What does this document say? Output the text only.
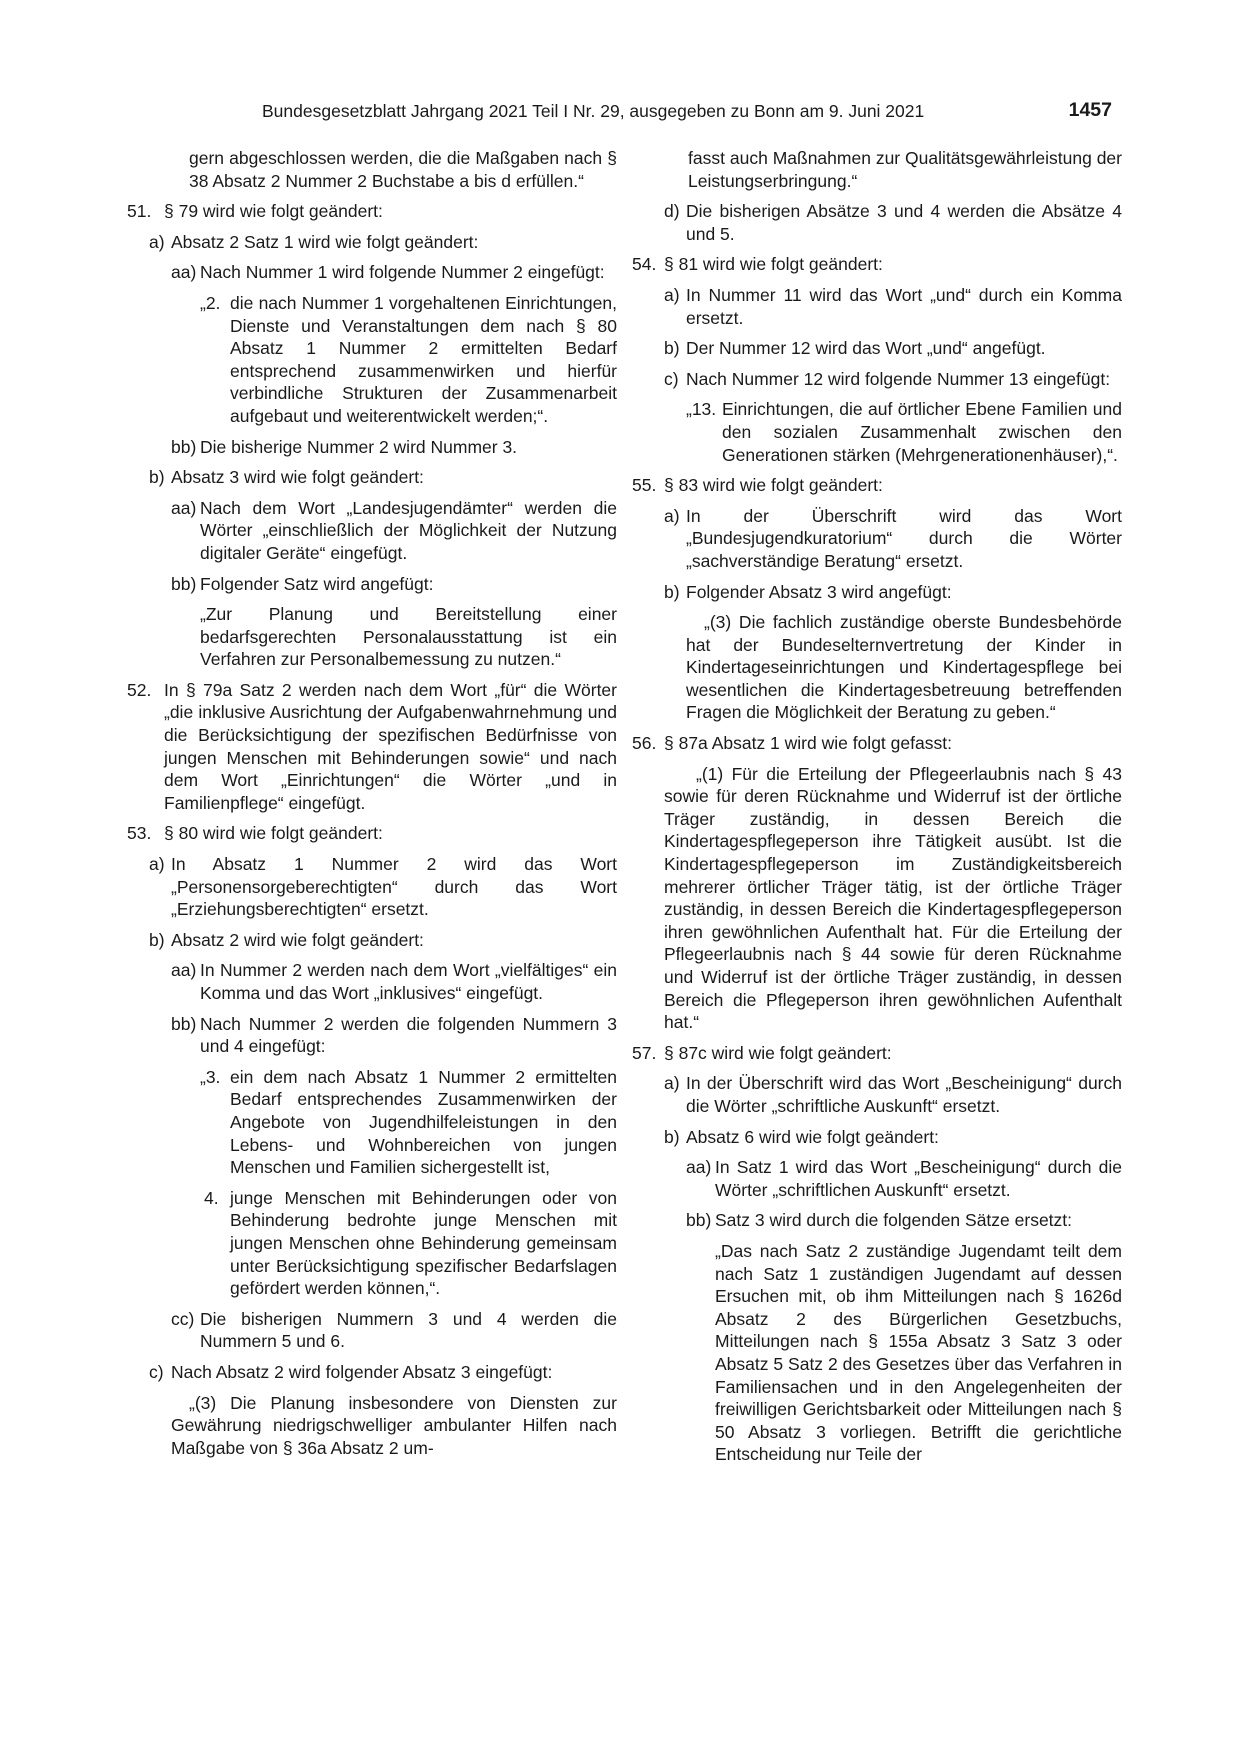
Bundesgesetzblatt Jahrgang 2021 Teil I Nr. 29, ausgegeben zu Bonn am 9. Juni 2021	1457
gern abgeschlossen werden, die die Maßgaben nach § 38 Absatz 2 Nummer 2 Buchstabe a bis d erfüllen.“
51. § 79 wird wie folgt geändert:
a) Absatz 2 Satz 1 wird wie folgt geändert:
aa) Nach Nummer 1 wird folgende Nummer 2 eingefügt:
„2. die nach Nummer 1 vorgehaltenen Einrichtungen, Dienste und Veranstaltungen dem nach § 80 Absatz 1 Nummer 2 ermittelten Bedarf entsprechend zusammenwirken und hierfür verbindliche Strukturen der Zusammenarbeit aufgebaut und weiterentwickelt werden;“.
bb) Die bisherige Nummer 2 wird Nummer 3.
b) Absatz 3 wird wie folgt geändert:
aa) Nach dem Wort „Landesjugendämter“ werden die Wörter „einschließlich der Möglichkeit der Nutzung digitaler Geräte“ eingefügt.
bb) Folgender Satz wird angefügt:
„Zur Planung und Bereitstellung einer bedarfsgerechten Personalausstattung ist ein Verfahren zur Personalbemessung zu nutzen.“
52. In § 79a Satz 2 werden nach dem Wort „für“ die Wörter „die inklusive Ausrichtung der Aufgabenwahrnehmung und die Berücksichtigung der spezifischen Bedürfnisse von jungen Menschen mit Behinderungen sowie“ und nach dem Wort „Einrichtungen“ die Wörter „und in Familienpflege“ eingefügt.
53. § 80 wird wie folgt geändert:
a) In Absatz 1 Nummer 2 wird das Wort „Personensorgeberechtigten“ durch das Wort „Erziehungsberechtigten“ ersetzt.
b) Absatz 2 wird wie folgt geändert:
aa) In Nummer 2 werden nach dem Wort „vielfältiges“ ein Komma und das Wort „inklusives“ eingefügt.
bb) Nach Nummer 2 werden die folgenden Nummern 3 und 4 eingefügt:
„3. ein dem nach Absatz 1 Nummer 2 ermittelten Bedarf entsprechendes Zusammenwirken der Angebote von Jugendhilfeleistungen in den Lebens- und Wohnbereichen von jungen Menschen und Familien sichergestellt ist,
4. junge Menschen mit Behinderungen oder von Behinderung bedrohte junge Menschen mit jungen Menschen ohne Behinderung gemeinsam unter Berücksichtigung spezifischer Bedarfslagen gefördert werden können,“.
cc) Die bisherigen Nummern 3 und 4 werden die Nummern 5 und 6.
c) Nach Absatz 2 wird folgender Absatz 3 eingefügt:
„(3) Die Planung insbesondere von Diensten zur Gewährung niedrigschwelliger ambulanter Hilfen nach Maßgabe von § 36a Absatz 2 um-
fasst auch Maßnahmen zur Qualitätsgewährleistung der Leistungserbringung.“
d) Die bisherigen Absätze 3 und 4 werden die Absätze 4 und 5.
54. § 81 wird wie folgt geändert:
a) In Nummer 11 wird das Wort „und“ durch ein Komma ersetzt.
b) Der Nummer 12 wird das Wort „und“ angefügt.
c) Nach Nummer 12 wird folgende Nummer 13 eingefügt:
„13. Einrichtungen, die auf örtlicher Ebene Familien und den sozialen Zusammenhalt zwischen den Generationen stärken (Mehrgenerationenhäuser),“.
55. § 83 wird wie folgt geändert:
a) In der Überschrift wird das Wort „Bundesjugendkuratorium“ durch die Wörter „sachverständige Beratung“ ersetzt.
b) Folgender Absatz 3 wird angefügt:
„(3) Die fachlich zuständige oberste Bundesbehörde hat der Bundeselternvertretung der Kinder in Kindertageseinrichtungen und Kindertagespflege bei wesentlichen die Kindertagesbetreuung betreffenden Fragen die Möglichkeit der Beratung zu geben.“
56. § 87a Absatz 1 wird wie folgt gefasst:
„(1) Für die Erteilung der Pflegeerlaubnis nach § 43 sowie für deren Rücknahme und Widerruf ist der örtliche Träger zuständig, in dessen Bereich die Kindertagespflegeperson ihre Tätigkeit ausübt. Ist die Kindertagespflegeperson im Zuständigkeitsbereich mehrerer örtlicher Träger tätig, ist der örtliche Träger zuständig, in dessen Bereich die Kindertagespflegeperson ihren gewöhnlichen Aufenthalt hat. Für die Erteilung der Pflegeerlaubnis nach § 44 sowie für deren Rücknahme und Widerruf ist der örtliche Träger zuständig, in dessen Bereich die Pflegeperson ihren gewöhnlichen Aufenthalt hat.“
57. § 87c wird wie folgt geändert:
a) In der Überschrift wird das Wort „Bescheinigung“ durch die Wörter „schriftliche Auskunft“ ersetzt.
b) Absatz 6 wird wie folgt geändert:
aa) In Satz 1 wird das Wort „Bescheinigung“ durch die Wörter „schriftlichen Auskunft“ ersetzt.
bb) Satz 3 wird durch die folgenden Sätze ersetzt:
„Das nach Satz 2 zuständige Jugendamt teilt dem nach Satz 1 zuständigen Jugendamt auf dessen Ersuchen mit, ob ihm Mitteilungen nach § 1626d Absatz 2 des Bürgerlichen Gesetzbuchs, Mitteilungen nach § 155a Absatz 3 Satz 3 oder Absatz 5 Satz 2 des Gesetzes über das Verfahren in Familiensachen und in den Angelegenheiten der freiwilligen Gerichtsbarkeit oder Mitteilungen nach § 50 Absatz 3 vorliegen. Betrifft die gerichtliche Entscheidung nur Teile der
